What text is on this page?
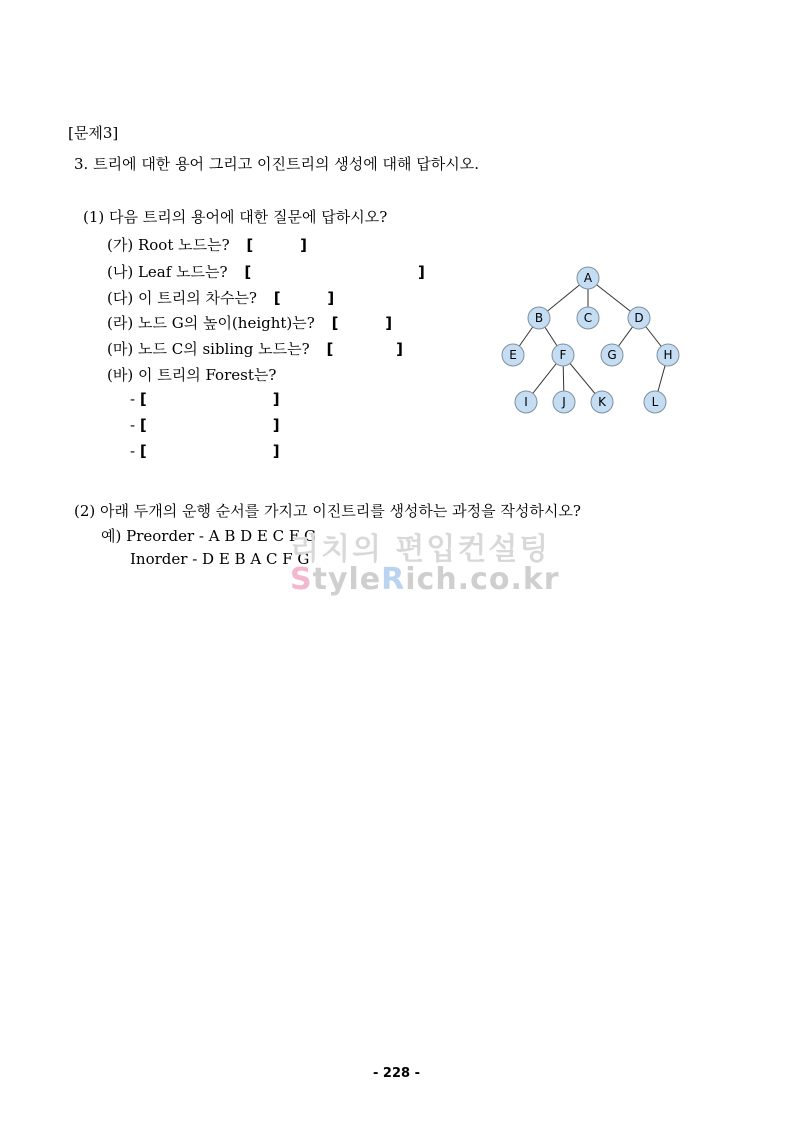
[문제3]
3. 트리에 대한 용어 그리고 이진트리의 생성에 대해 답하시오.
(1) 다음 트리의 용어에 대한 질문에 답하시오?
(가) Root 노드는? [	]
(나) Leaf 노드는? [	]
(다) 이 트리의 차수는? [	]
(라) 노드 G의 높이(height)는? [	]
(마) 노드 C의 sibling 노드는? [	]
(바) 이 트리의 Forest는?
- [	]
- [	]
- [	]
A
B	C	D
E	F	G	H
I	J	K	L
(2) 아래 두개의 운행 순서를 가지고 이진트리를 생성하는 과정을 작성하시오?
예) Preorder - A B D E C F G
Inorder - D E B A C F G
리치의 편입컨설팅
StyleRich.co.kr
- 228 -
